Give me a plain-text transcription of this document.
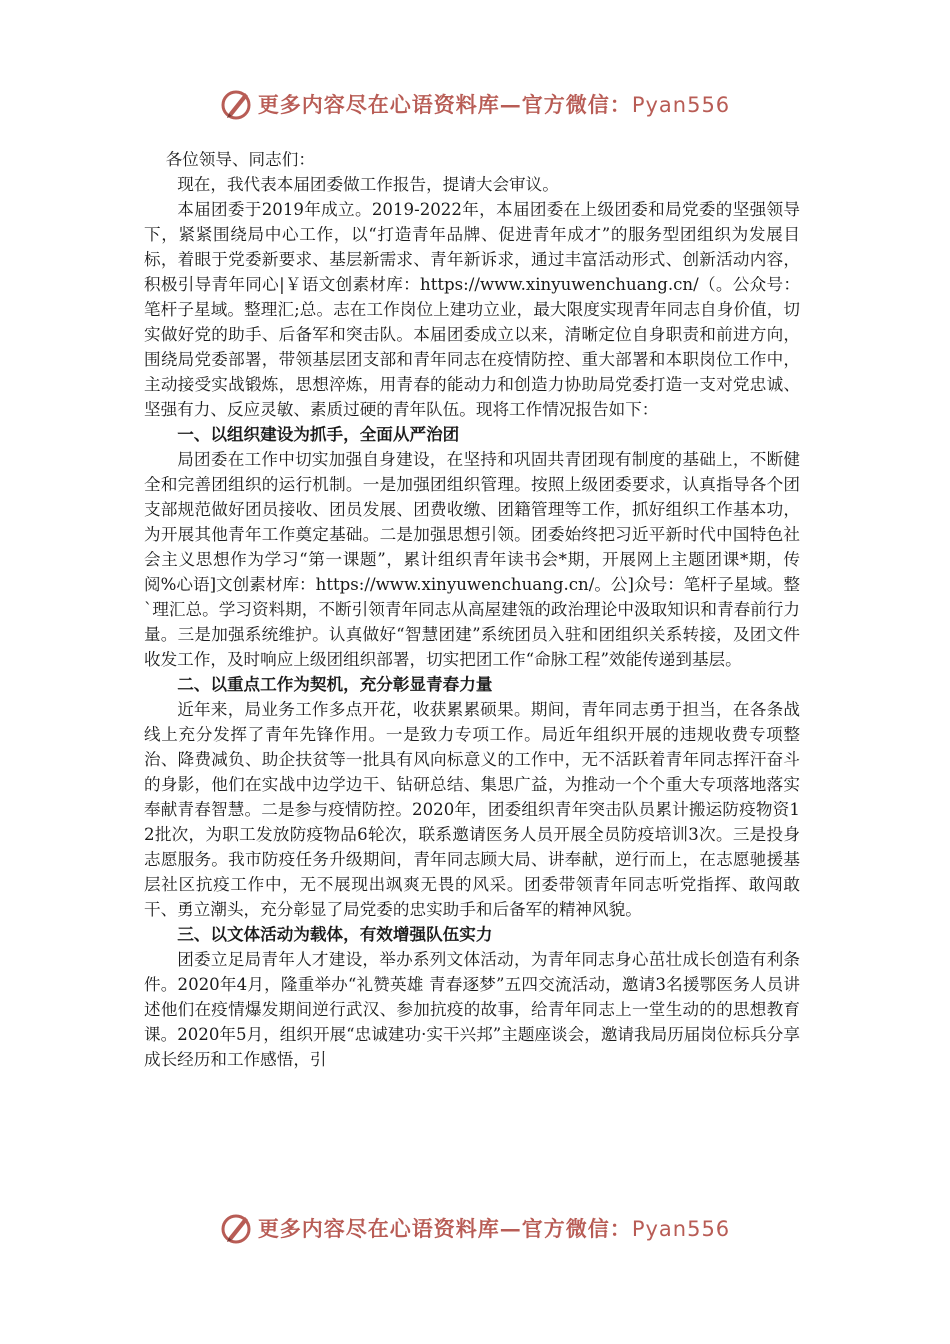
更多内容尽在心语资料库—官方微信：Pyan556

各位领导、同志们：

现在，我代表本届团委做工作报告，提请大会审议。

本届团委于2019年成立。2019-2022年，本届团委在上级团委和局党委的坚强领导下，紧紧围绕局中心工作，以“打造青年品牌、促进青年成才”的服务型团组织为发展目标，着眼于党委新要求、基层新需求、青年新诉求，通过丰富活动形式、创新活动内容，积极引导青年同心|￥语文创素材库：https://www.xinyuwenchuang.cn/（。公众号：笔杆子星域。整理汇;总。志在工作岗位上建功立业，最大限度实现青年同志自身价值，切实做好党的助手、后备军和突击队。本届团委成立以来，清晰定位自身职责和前进方向，围绕局党委部署，带领基层团支部和青年同志在疫情防控、重大部署和本职岗位工作中，主动接受实战锻炼，思想淬炼，用青春的能动力和创造力协助局党委打造一支对党忠诚、坚强有力、反应灵敏、素质过硬的青年队伍。现将工作情况报告如下：

一、以组织建设为抓手，全面从严治团

局团委在工作中切实加强自身建设，在坚持和巩固共青团现有制度的基础上，不断健全和完善团组织的运行机制。一是加强团组织管理。按照上级团委要求，认真指导各个团支部规范做好团员接收、团员发展、团费收缴、团籍管理等工作，抓好组织工作基本功，为开展其他青年工作奠定基础。二是加强思想引领。团委始终把习近平新时代中国特色社会主义思想作为学习“第一课题”，累计组织青年读书会*期，开展网上主题团课*期，传阅%心语]文创素材库：https://www.xinyuwenchuang.cn/。公]众号：笔杆子星域。整`理汇总。学习资料期，不断引领青年同志从高屋建瓴的政治理论中汲取知识和青春前行力量。三是加强系统维护。认真做好“智慧团建”系统团员入驻和团组织关系转接，及团文件收发工作，及时响应上级团组织部署，切实把团工作“命脉工程”效能传递到基层。

二、以重点工作为契机，充分彰显青春力量

近年来，局业务工作多点开花，收获累累硕果。期间，青年同志勇于担当，在各条战线上充分发挥了青年先锋作用。一是致力专项工作。局近年组织开展的违规收费专项整治、降费减负、助企扶贫等一批具有风向标意义的工作中，无不活跃着青年同志挥汗奋斗的身影，他们在实战中边学边干、钻研总结、集思广益，为推动一个个重大专项落地落实奉献青春智慧。二是参与疫情防控。2020年，团委组织青年突击队员累计搬运防疫物资12批次，为职工发放防疫物品6轮次，联系邀请医务人员开展全员防疫培训3次。三是投身志愿服务。我市防疫任务升级期间，青年同志顾大局、讲奉献，逆行而上，在志愿驰援基层社区抗疫工作中，无不展现出飒爽无畏的风采。团委带领青年同志听党指挥、敢闯敢干、勇立潮头，充分彰显了局党委的忠实助手和后备军的精神风貌。

三、以文体活动为载体，有效增强队伍实力

团委立足局青年人才建设，举办系列文体活动，为青年同志身心茁壮成长创造有利条件。2020年4月，隆重举办“礼赞英雄 青春逐梦”五四交流活动，邀请3名援鄂医务人员讲述他们在疫情爆发期间逆行武汉、参加抗疫的故事，给青年同志上一堂生动的的思想教育课。2020年5月，组织开展“忠诚建功·实干兴邦”主题座谈会，邀请我局历届岗位标兵分享成长经历和工作感悟，引

更多内容尽在心语资料库—官方微信：Pyan556
